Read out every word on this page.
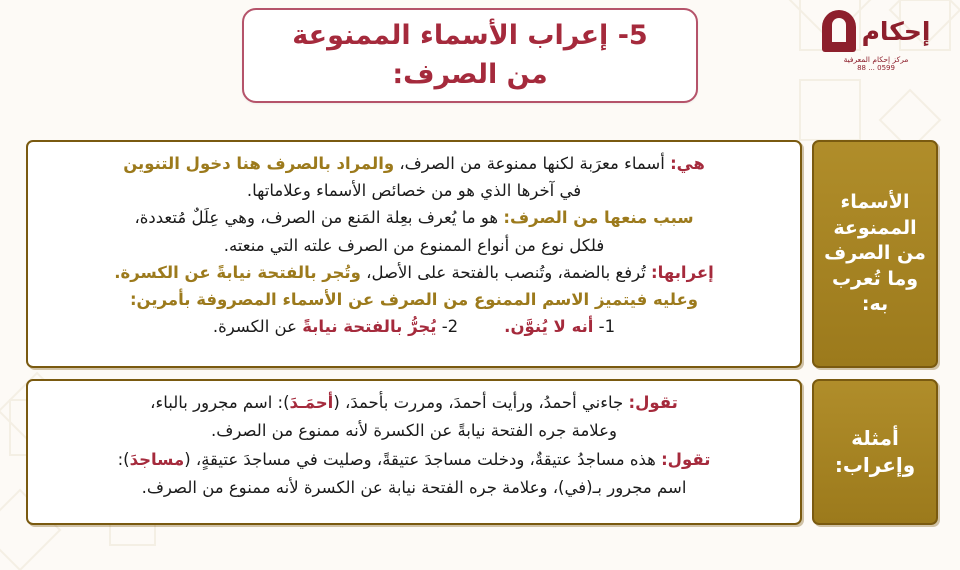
5- إعراب الأسماء الممنوعة
من الصرف:
إحكام
مركز إحكام المعرفية
0599 ... 88
الأسماء الممنوعة من الصرف وما تُعرب به:
هي: أسماء معرَبة لكنها ممنوعة من الصرف، والمراد بالصرف هنا دخول التنوين
في آخرها الذي هو من خصائص الأسماء وعلاماتها.
سبب منعها من الصرف: هو ما يُعرف بعِلة المَنع من الصرف، وهي عِلَلٌ مُتعددة،
فلكل نوع من أنواع الممنوع من الصرف علته التي منعته.
إعرابها: تُرفع بالضمة، وتُنصب بالفتحة على الأصل، وتُجر بالفتحة نيابةً عن الكسرة.
وعليه فيتميز الاسم الممنوع من الصرف عن الأسماء المصروفة بأمرين:
1- أنه لا يُنوَّن.
2- يُجرُّ بالفتحة نيابةً عن الكسرة.
أمثلة وإعراب:
تقول: جاءني أحمدُ، ورأيت أحمدَ، ومررت بأحمدَ، (أحمَـدَ): اسم مجرور بالباء،
وعلامة جره الفتحة نيابةً عن الكسرة لأنه ممنوع من الصرف.
تقول: هذه مساجدُ عتيقةٌ، ودخلت مساجدَ عتيقةً، وصليت في مساجدَ عتيقةٍ، (مساجدَ):
اسم مجرور بـ(في)، وعلامة جره الفتحة نيابة عن الكسرة لأنه ممنوع من الصرف.
